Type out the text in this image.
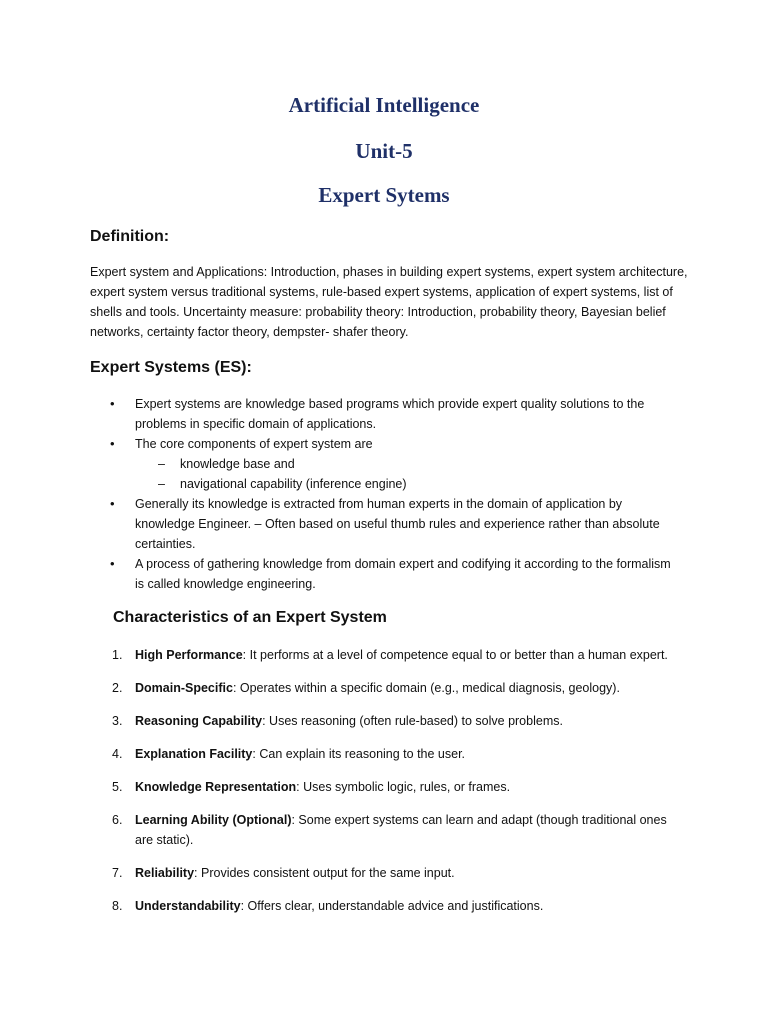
Artificial Intelligence
Unit-5
Expert Sytems
Definition:

Expert system and Applications: Introduction, phases in building expert systems, expert system architecture, expert system versus traditional systems, rule-based expert systems, application of expert systems, list of shells and tools. Uncertainty measure: probability theory: Introduction, probability theory, Bayesian belief networks, certainty factor theory, dempster- shafer theory.

Expert Systems (ES):
• Expert systems are knowledge based programs which provide expert quality solutions to the problems in specific domain of applications.
• The core components of expert system are
– knowledge base and
– navigational capability (inference engine)
• Generally its knowledge is extracted from human experts in the domain of application by knowledge Engineer. – Often based on useful thumb rules and experience rather than absolute certainties.
• A process of gathering knowledge from domain expert and codifying it according to the formalism is called knowledge engineering.
Characteristics of an Expert System
1. High Performance: It performs at a level of competence equal to or better than a human expert.
2. Domain-Specific: Operates within a specific domain (e.g., medical diagnosis, geology).
3. Reasoning Capability: Uses reasoning (often rule-based) to solve problems.
4. Explanation Facility: Can explain its reasoning to the user.
5. Knowledge Representation: Uses symbolic logic, rules, or frames.
6. Learning Ability (Optional): Some expert systems can learn and adapt (though traditional ones are static).
7. Reliability: Provides consistent output for the same input.
8. Understandability: Offers clear, understandable advice and justifications.
